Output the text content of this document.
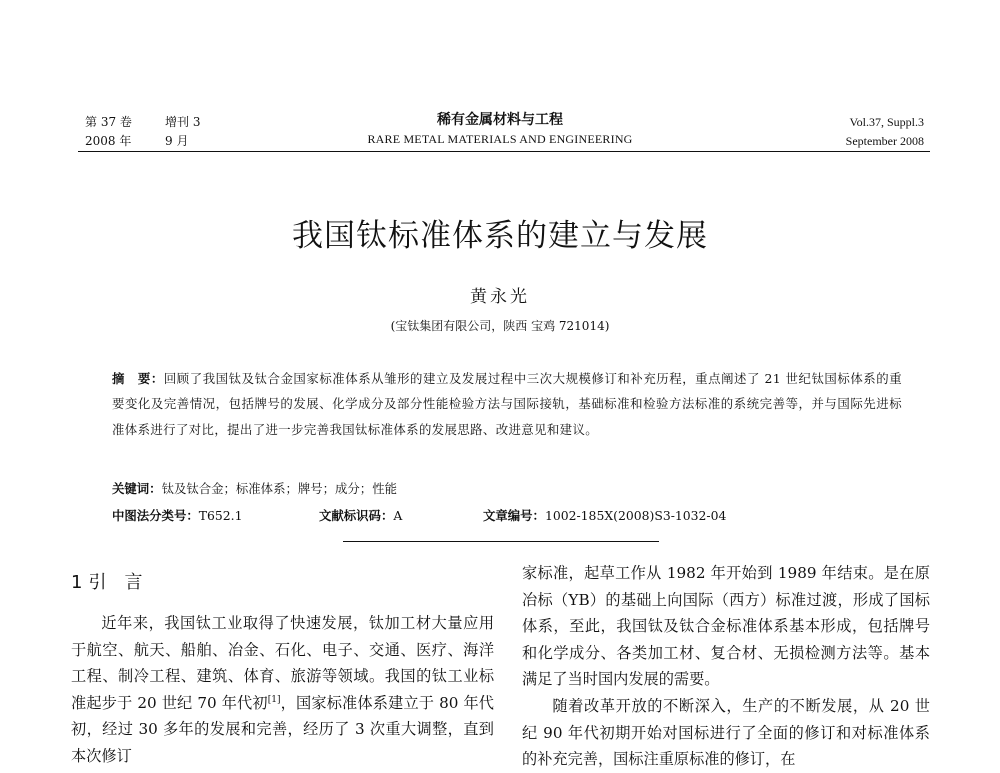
第 37 卷	增刊 3
2008 年	9 月
稀有金属材料与工程
RARE METAL MATERIALS AND ENGINEERING
Vol.37, Suppl.3
September 2008
我国钛标准体系的建立与发展
黄永光
(宝钛集团有限公司，陕西 宝鸡 721014)
摘　要：回顾了我国钛及钛合金国家标准体系从雏形的建立及发展过程中三次大规模修订和补充历程，重点阐述了 21 世纪钛国标体系的重要变化及完善情况，包括牌号的发展、化学成分及部分性能检验方法与国际接轨，基础标准和检验方法标准的系统完善等，并与国际先进标准体系进行了对比，提出了进一步完善我国钛标准体系的发展思路、改进意见和建议。
关键词：钛及钛合金；标准体系；牌号；成分；性能
中图法分类号：T652.1	文献标识码：A	文章编号：1002-185X(2008)S3-1032-04
1 引　言

近年来，我国钛工业取得了快速发展，钛加工材大量应用于航空、航天、船舶、冶金、石化、电子、交通、医疗、海洋工程、制冷工程、建筑、体育、旅游等领域。我国的钛工业标准起步于 20 世纪 70 年代初[1]，国家标准体系建立于 80 年代初，经过 30 多年的发展和完善，经历了 3 次重大调整，直到本次修订

家标准，起草工作从 1982 年开始到 1989 年结束。是在原冶标（YB）的基础上向国际（西方）标准过渡，形成了国标体系，至此，我国钛及钛合金标准体系基本形成，包括牌号和化学成分、各类加工材、复合材、无损检测方法等。基本满足了当时国内发展的需要。

随着改革开放的不断深入，生产的不断发展，从 20 世纪 90 年代初期开始对国标进行了全面的修订和对标准体系的补充完善，国标注重原标准的修订，在
